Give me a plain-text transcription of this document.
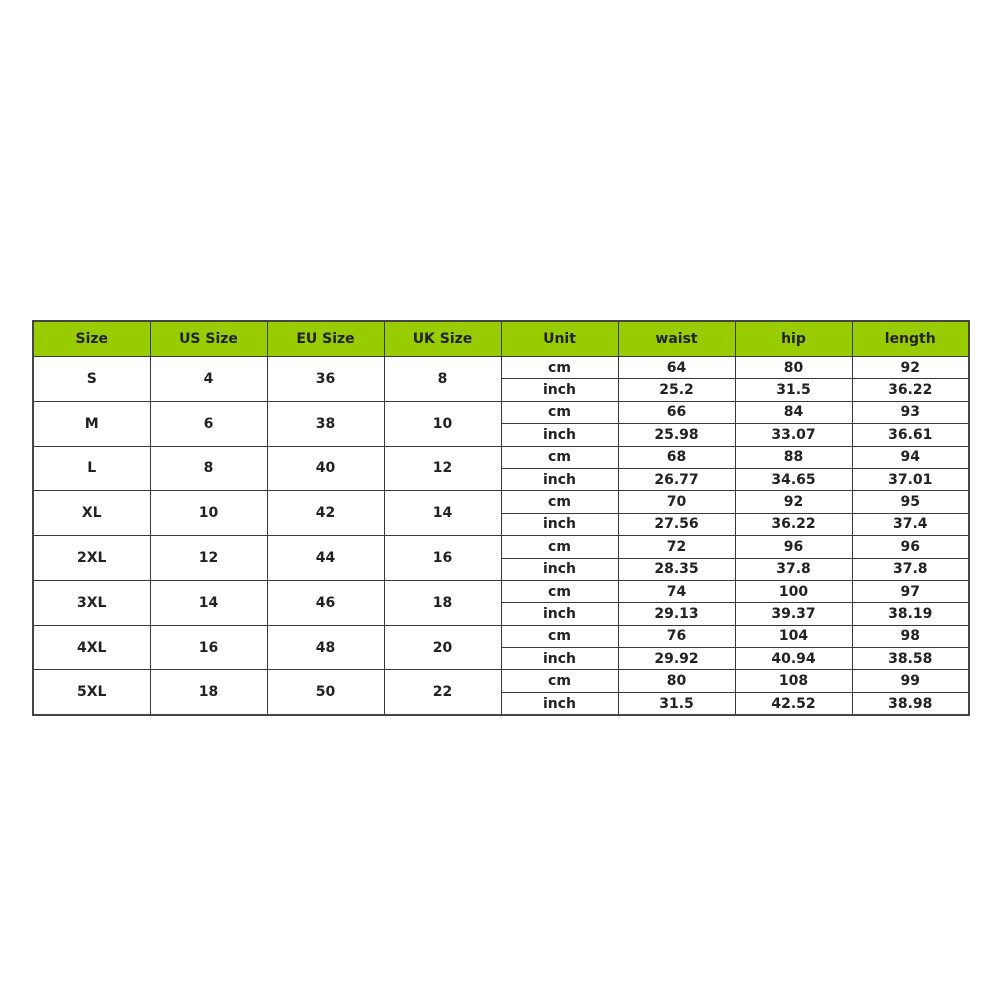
Size	US Size	EU Size	UK Size	Unit	waist	hip	length
S	4	36	8	cm	64	80	92
				inch	25.2	31.5	36.22
M	6	38	10	cm	66	84	93
				inch	25.98	33.07	36.61
L	8	40	12	cm	68	88	94
				inch	26.77	34.65	37.01
XL	10	42	14	cm	70	92	95
				inch	27.56	36.22	37.4
2XL	12	44	16	cm	72	96	96
				inch	28.35	37.8	37.8
3XL	14	46	18	cm	74	100	97
				inch	29.13	39.37	38.19
4XL	16	48	20	cm	76	104	98
				inch	29.92	40.94	38.58
5XL	18	50	22	cm	80	108	99
				inch	31.5	42.52	38.98
